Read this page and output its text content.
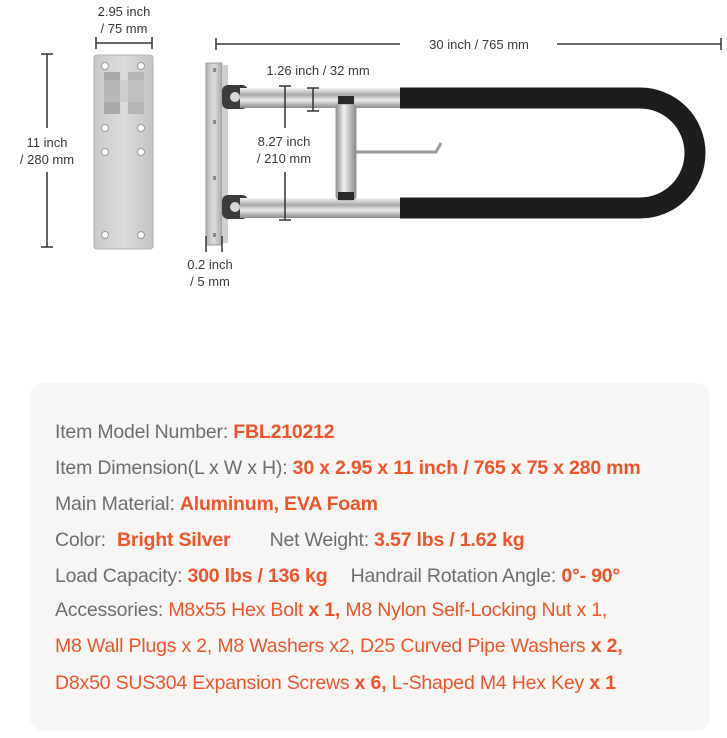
2.95 inch
/ 75 mm
11 inch
/ 280 mm
30 inch / 765 mm
1.26 inch / 32 mm
8.27 inch
/ 210 mm
0.2 inch
/ 5 mm
Item Model Number: FBL210212
Item Dimension(L x W x H): 30 x 2.95 x 11 inch / 765 x 75 x 280 mm
Main Material: Aluminum, EVA Foam
Color: Bright Silver Net Weight: 3.57 lbs / 1.62 kg
Load Capacity: 300 lbs / 136 kg Handrail Rotation Angle: 0°- 90°
Accessories: M8x55 Hex Bolt x 1, M8 Nylon Self-Locking Nut x 1,
M8 Wall Plugs x 2, M8 Washers x2, D25 Curved Pipe Washers x 2,
D8x50 SUS304 Expansion Screws x 6, L-Shaped M4 Hex Key x 1
